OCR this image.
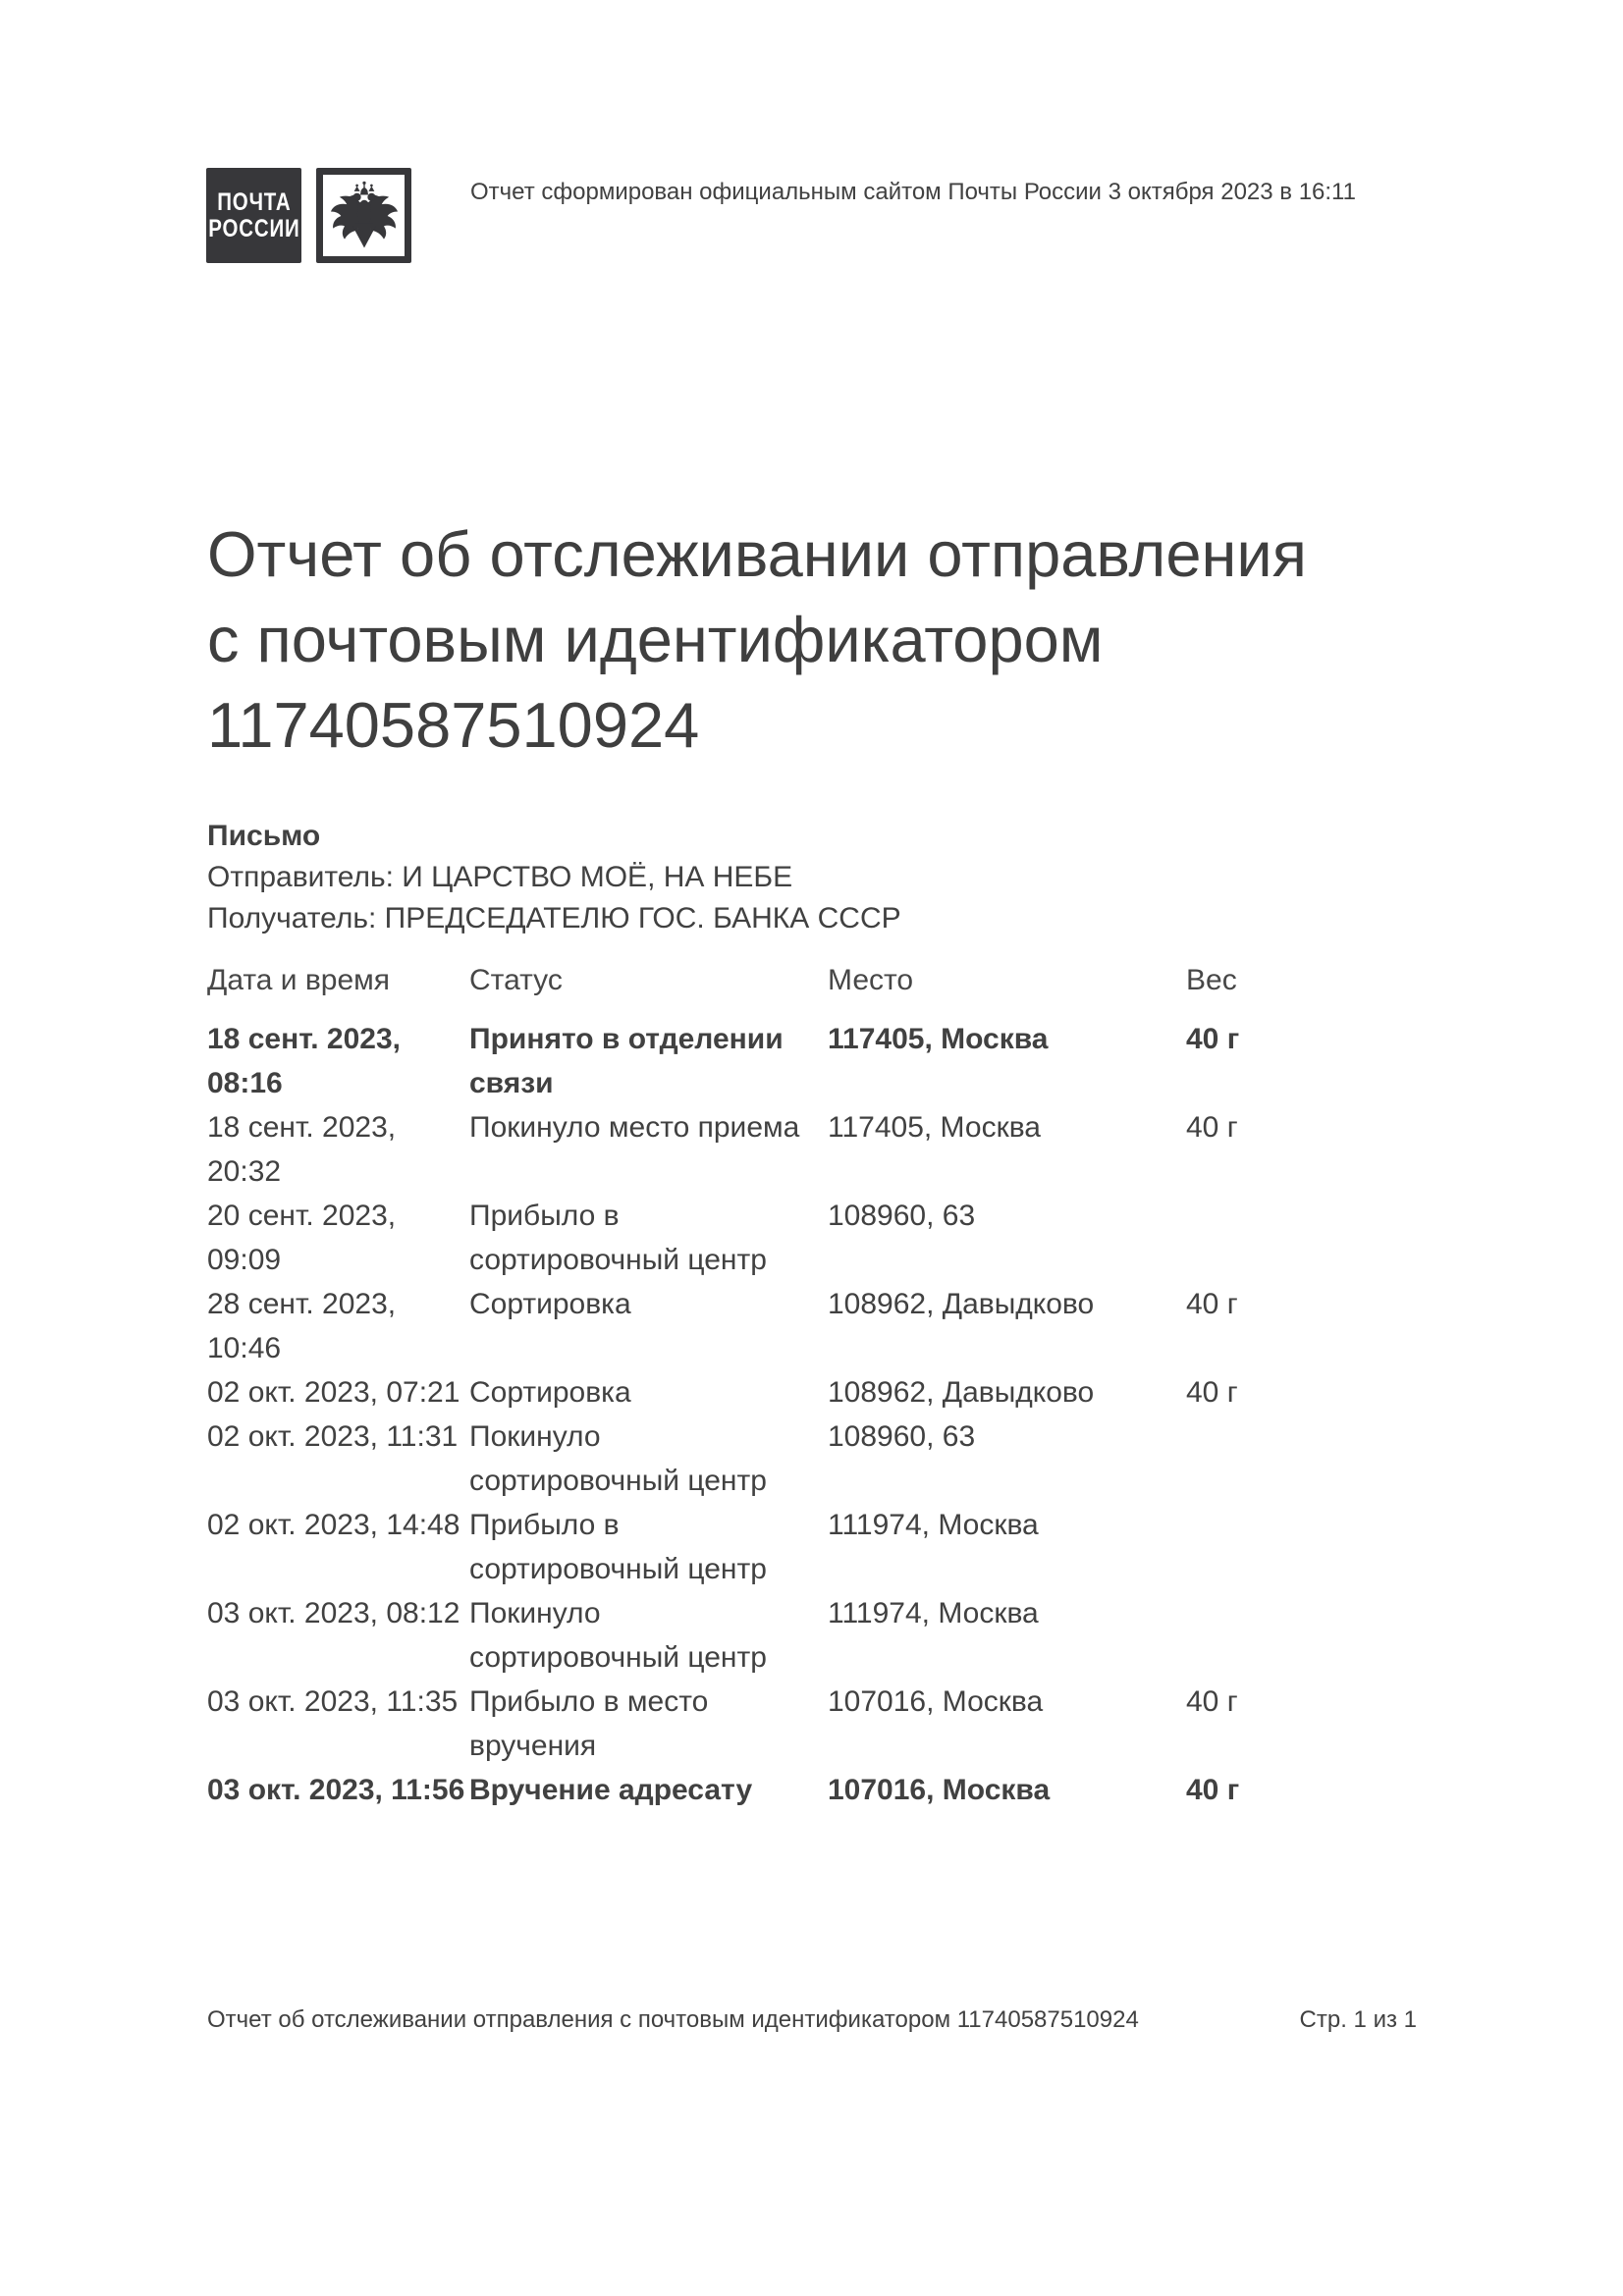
ПОЧТА
РОССИИ
Отчет сформирован официальным сайтом Почты России 3 октября 2023 в 16:11
Отчет об отслеживании отправления
с почтовым идентификатором
11740587510924
Письмо
Отправитель: И ЦАРСТВО МОЁ, НА НЕБЕ
Получатель: ПРЕДСЕДАТЕЛЮ ГОС. БАНКА СССР
Дата и время	Статус	Место	Вес
18 сент. 2023, 08:16	Принято в отделении связи	117405, Москва	40 г
18 сент. 2023, 20:32	Покинуло место приема	117405, Москва	40 г
20 сент. 2023, 09:09	Прибыло в сортировочный центр	108960, 63	
28 сент. 2023, 10:46	Сортировка	108962, Давыдково	40 г
02 окт. 2023, 07:21	Сортировка	108962, Давыдково	40 г
02 окт. 2023, 11:31	Покинуло сортировочный центр	108960, 63	
02 окт. 2023, 14:48	Прибыло в сортировочный центр	111974, Москва	
03 окт. 2023, 08:12	Покинуло сортировочный центр	111974, Москва	
03 окт. 2023, 11:35	Прибыло в место вручения	107016, Москва	40 г
03 окт. 2023, 11:56	Вручение адресату	107016, Москва	40 г
Отчет об отслеживании отправления с почтовым идентификатором 11740587510924	Стр. 1 из 1
